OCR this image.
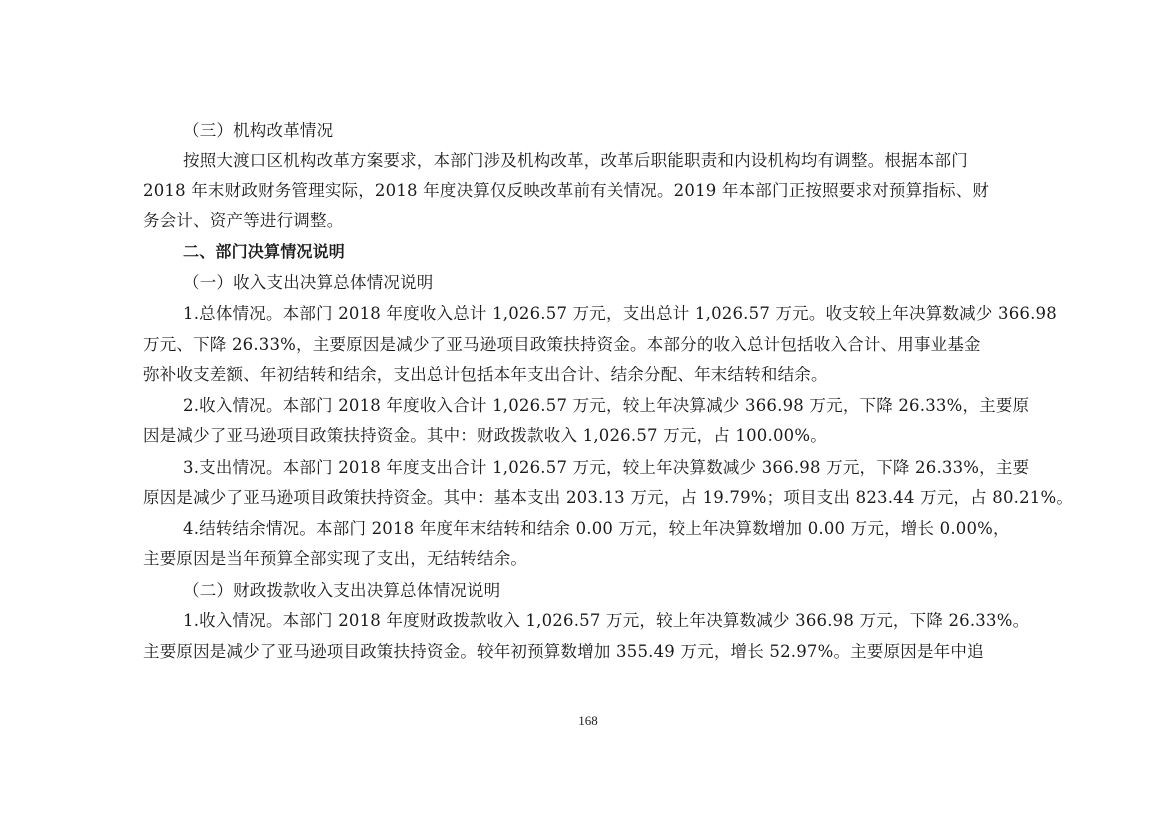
（三）机构改革情况
按照大渡口区机构改革方案要求，本部门涉及机构改革，改革后职能职责和内设机构均有调整。根据本部门
2018 年末财政财务管理实际，2018 年度决算仅反映改革前有关情况。2019 年本部门正按照要求对预算指标、财
务会计、资产等进行调整。
二、部门决算情况说明
（一）收入支出决算总体情况说明
1.总体情况。本部门 2018 年度收入总计 1,026.57 万元，支出总计 1,026.57 万元。收支较上年决算数减少 366.98
万元、下降 26.33%，主要原因是减少了亚马逊项目政策扶持资金。本部分的收入总计包括收入合计、用事业基金
弥补收支差额、年初结转和结余，支出总计包括本年支出合计、结余分配、年末结转和结余。
2.收入情况。本部门 2018 年度收入合计 1,026.57 万元，较上年决算减少 366.98 万元，下降 26.33%，主要原
因是减少了亚马逊项目政策扶持资金。其中：财政拨款收入 1,026.57 万元，占 100.00%。
3.支出情况。本部门 2018 年度支出合计 1,026.57 万元，较上年决算数减少 366.98 万元，下降 26.33%，主要
原因是减少了亚马逊项目政策扶持资金。其中：基本支出 203.13 万元，占 19.79%；项目支出 823.44 万元，占 80.21%。
4.结转结余情况。本部门 2018 年度年末结转和结余 0.00 万元，较上年决算数增加 0.00 万元，增长 0.00%，
主要原因是当年预算全部实现了支出，无结转结余。
（二）财政拨款收入支出决算总体情况说明
1.收入情况。本部门 2018 年度财政拨款收入 1,026.57 万元，较上年决算数减少 366.98 万元，下降 26.33%。
主要原因是减少了亚马逊项目政策扶持资金。较年初预算数增加 355.49 万元，增长 52.97%。主要原因是年中追
168
